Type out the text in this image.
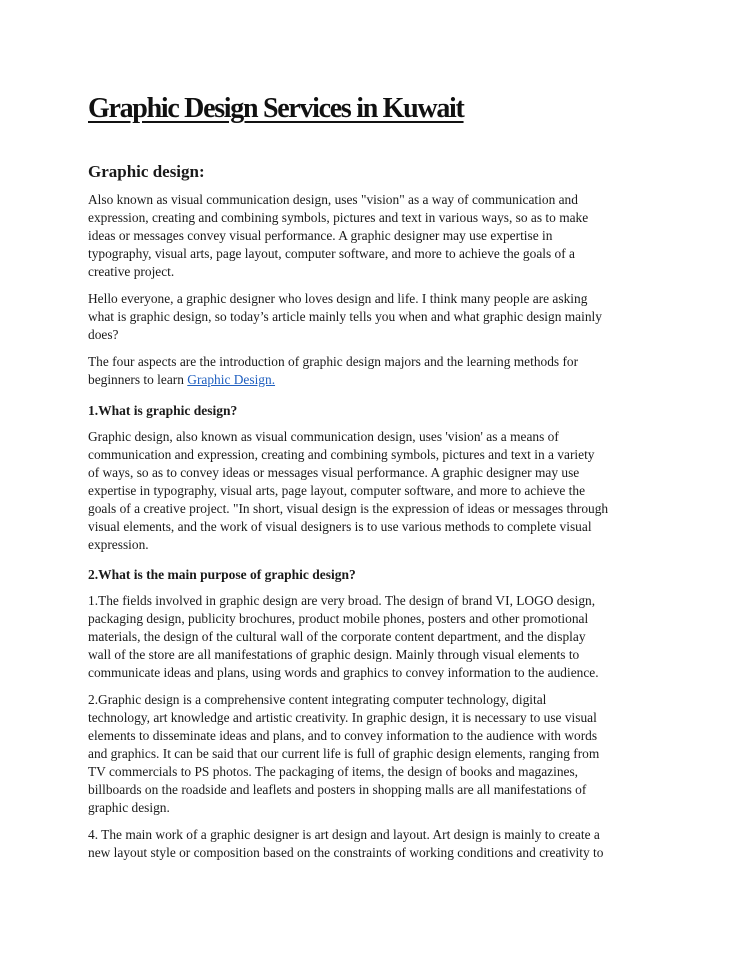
Graphic Design Services in Kuwait
Graphic design:
Also known as visual communication design, uses "vision" as a way of communication and
expression, creating and combining symbols, pictures and text in various ways, so as to make
ideas or messages convey visual performance. A graphic designer may use expertise in
typography, visual arts, page layout, computer software, and more to achieve the goals of a
creative project.
Hello everyone, a graphic designer who loves design and life. I think many people are asking
what is graphic design, so today’s article mainly tells you when and what graphic design mainly
does?
The four aspects are the introduction of graphic design majors and the learning methods for
beginners to learn Graphic Design.
1.What is graphic design?
Graphic design, also known as visual communication design, uses 'vision' as a means of
communication and expression, creating and combining symbols, pictures and text in a variety
of ways, so as to convey ideas or messages visual performance. A graphic designer may use
expertise in typography, visual arts, page layout, computer software, and more to achieve the
goals of a creative project. "In short, visual design is the expression of ideas or messages through
visual elements, and the work of visual designers is to use various methods to complete visual
expression.
2.What is the main purpose of graphic design?
1.The fields involved in graphic design are very broad. The design of brand VI, LOGO design,
packaging design, publicity brochures, product mobile phones, posters and other promotional
materials, the design of the cultural wall of the corporate content department, and the display
wall of the store are all manifestations of graphic design. Mainly through visual elements to
communicate ideas and plans, using words and graphics to convey information to the audience.
2.Graphic design is a comprehensive content integrating computer technology, digital
technology, art knowledge and artistic creativity. In graphic design, it is necessary to use visual
elements to disseminate ideas and plans, and to convey information to the audience with words
and graphics. It can be said that our current life is full of graphic design elements, ranging from
TV commercials to PS photos. The packaging of items, the design of books and magazines,
billboards on the roadside and leaflets and posters in shopping malls are all manifestations of
graphic design.
4. The main work of a graphic designer is art design and layout. Art design is mainly to create a
new layout style or composition based on the constraints of working conditions and creativity to
